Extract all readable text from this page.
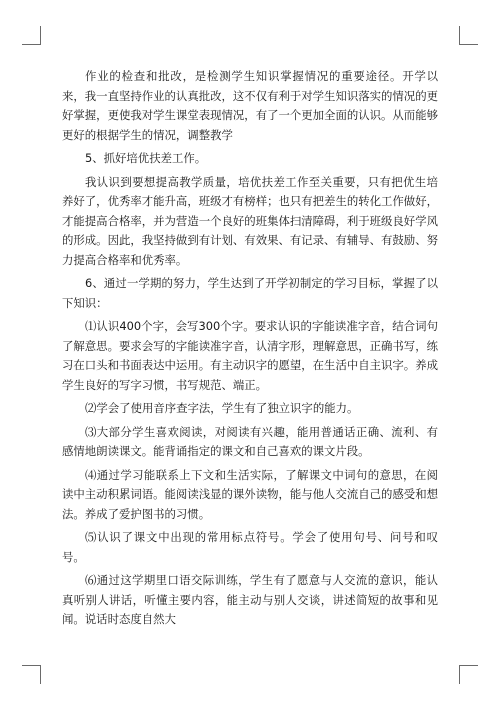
作业的检查和批改，是检测学生知识掌握情况的重要途径。开学以来，我一直坚持作业的认真批改，这不仅有利于对学生知识落实的情况的更好掌握，更使我对学生课堂表现情况，有了一个更加全面的认识。从而能够更好的根据学生的情况，调整教学

5、抓好培优扶差工作。

我认识到要想提高教学质量，培优扶差工作至关重要，只有把优生培养好了，优秀率才能升高，班级才有榜样；也只有把差生的转化工作做好，才能提高合格率，并为营造一个良好的班集体扫清障碍，利于班级良好学风的形成。因此，我坚持做到有计划、有效果、有记录、有辅导、有鼓励、努力提高合格率和优秀率。

6、通过一学期的努力，学生达到了开学初制定的学习目标，掌握了以下知识：

⑴认识400个字，会写300个字。要求认识的字能读准字音，结合词句了解意思。要求会写的字能读准字音，认清字形，理解意思，正确书写，练习在口头和书面表达中运用。有主动识字的愿望，在生活中自主识字。养成学生良好的写字习惯，书写规范、端正。

⑵学会了使用音序查字法，学生有了独立识字的能力。

⑶大部分学生喜欢阅读，对阅读有兴趣，能用普通话正确、流利、有感情地朗读课文。能背诵指定的课文和自己喜欢的课文片段。

⑷通过学习能联系上下文和生活实际，了解课文中词句的意思，在阅读中主动积累词语。能阅读浅显的课外读物，能与他人交流自己的感受和想法。养成了爱护图书的习惯。

⑸认识了课文中出现的常用标点符号。学会了使用句号、问号和叹号。

⑹通过这学期里口语交际训练，学生有了愿意与人交流的意识，能认真听别人讲话，听懂主要内容，能主动与别人交谈，讲述简短的故事和见闻。说话时态度自然大
